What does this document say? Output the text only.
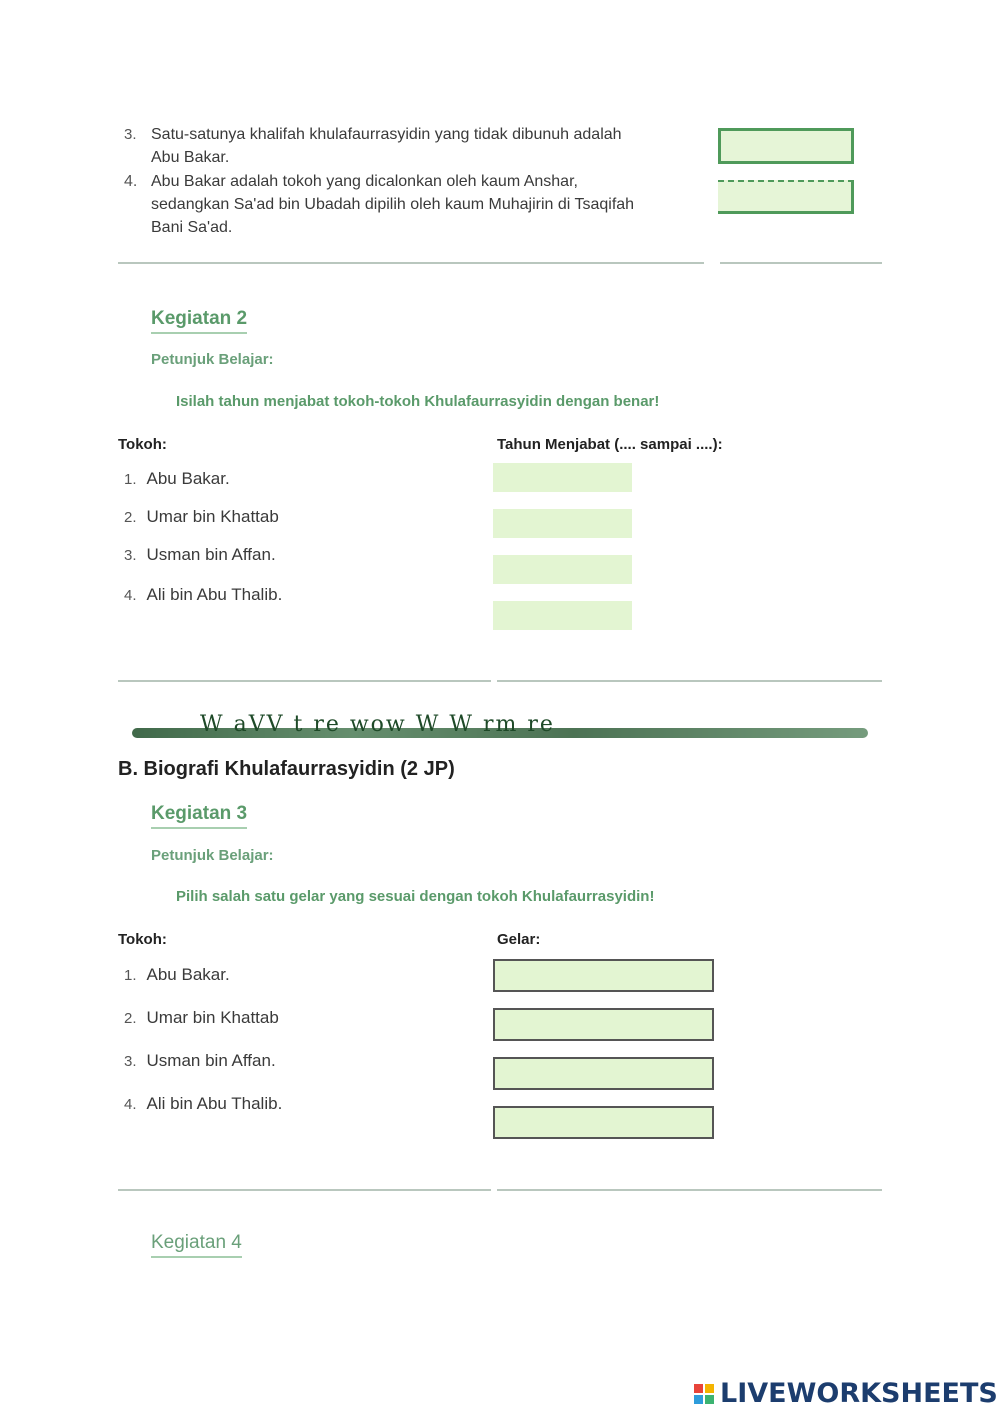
3. Satu-satunya khalifah khulafaurrasyidin yang tidak dibunuh adalah
Abu Bakar.
4. Abu Bakar adalah tokoh yang dicalonkan oleh kaum Anshar,
sedangkan Sa'ad bin Ubadah dipilih oleh kaum Muhajirin di Tsaqifah
Bani Sa'ad.
Kegiatan 2
Petunjuk Belajar:
Isilah tahun menjabat tokoh-tokoh Khulafaurrasyidin dengan benar!
Tokoh:	Tahun Menjabat (.... sampai ....):
1. Abu Bakar.
2. Umar bin Khattab
3. Usman bin Affan.
4. Ali bin Abu Thalib.
W aVV t re wow W W rm re
B. Biografi Khulafaurrasyidin (2 JP)
Kegiatan 3
Petunjuk Belajar:
Pilih salah satu gelar yang sesuai dengan tokoh Khulafaurrasyidin!
Tokoh:	Gelar:
1. Abu Bakar.
2. Umar bin Khattab
3. Usman bin Affan.
4. Ali bin Abu Thalib.
Kegiatan 4
LIVEWORKSHEETS
